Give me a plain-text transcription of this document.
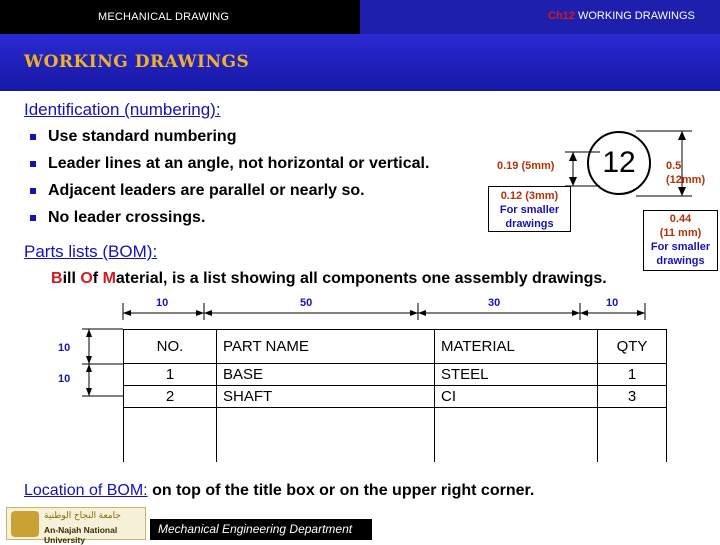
MECHANICAL DRAWING	Ch12 WORKING DRAWINGS
WORKING DRAWINGS
Identification (numbering):
Use standard numbering
Leader lines at an angle, not horizontal or vertical.
Adjacent leaders are parallel or nearly so.
No leader crossings.
12
0.19 (5mm)
0.12 (3mm)
For smaller
drawings
0.5
(12mm)
0.44
(11 mm)
For smaller
drawings
Parts lists (BOM):
Bill Of Material, is a list showing all components one assembly drawings.
10	50	30	10
10
10
NO.	PART NAME	MATERIAL	QTY
1	BASE	STEEL	1
2	SHAFT	CI	3

Location of BOM: on top of the title box or on the upper right corner.
جامعة النجاح الوطنية
An-Najah National University
Mechanical Engineering Department
